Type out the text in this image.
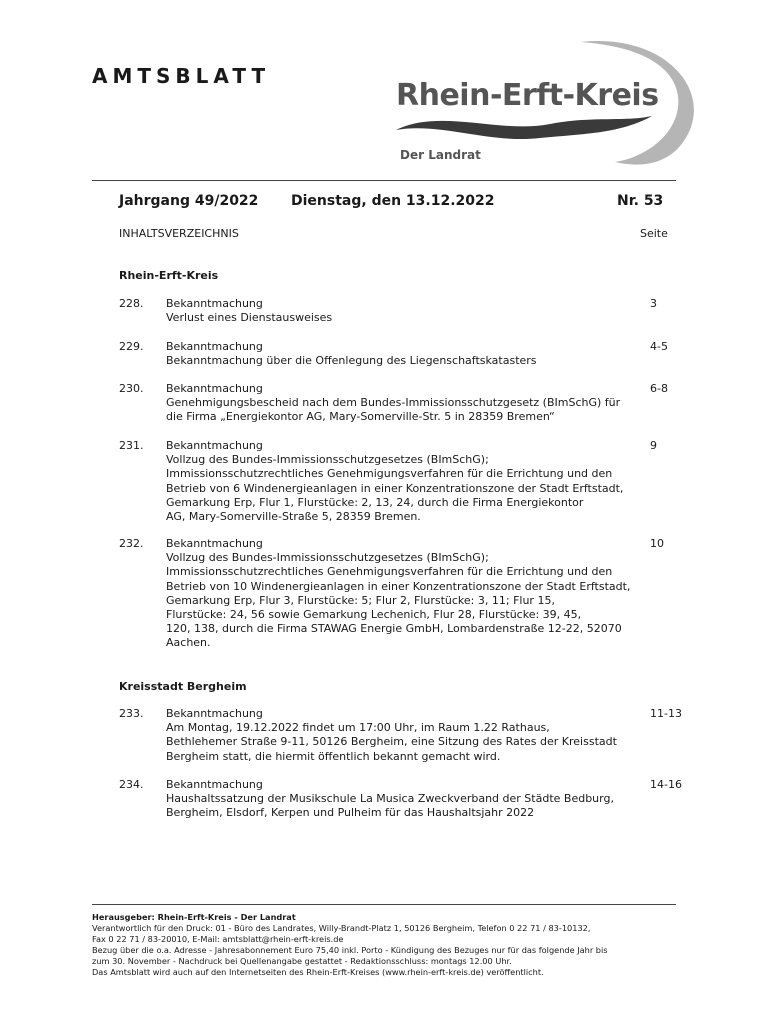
AMTSBLATT
Rhein-Erft-Kreis
Der Landrat
Jahrgang 49/2022 Dienstag, den 13.12.2022	Nr. 53
INHALTSVERZEICHNIS	Seite
Rhein-Erft-Kreis
228. Bekanntmachung
Verlust eines Dienstausweises
3
229. Bekanntmachung
Bekanntmachung über die Offenlegung des Liegenschaftskatasters
4-5
230. Bekanntmachung
Genehmigungsbescheid nach dem Bundes-Immissionsschutzgesetz (BImSchG) für
die Firma „Energiekontor AG, Mary-Somerville-Str. 5 in 28359 Bremen“
6-8
231. Bekanntmachung
Vollzug des Bundes-Immissionsschutzgesetzes (BImSchG);
Immissionsschutzrechtliches Genehmigungsverfahren für die Errichtung und den
Betrieb von 6 Windenergieanlagen in einer Konzentrationszone der Stadt Erftstadt,
Gemarkung Erp, Flur 1, Flurstücke: 2, 13, 24, durch die Firma Energiekontor
AG, Mary-Somerville-Straße 5, 28359 Bremen.
9
232. Bekanntmachung
Vollzug des Bundes-Immissionsschutzgesetzes (BImSchG);
Immissionsschutzrechtliches Genehmigungsverfahren für die Errichtung und den
Betrieb von 10 Windenergieanlagen in einer Konzentrationszone der Stadt Erftstadt,
Gemarkung Erp, Flur 3, Flurstücke: 5; Flur 2, Flurstücke: 3, 11; Flur 15,
Flurstücke: 24, 56 sowie Gemarkung Lechenich, Flur 28, Flurstücke: 39, 45,
120, 138, durch die Firma STAWAG Energie GmbH, Lombardenstraße 12-22, 52070
Aachen.
10
Kreisstadt Bergheim
233. Bekanntmachung
Am Montag, 19.12.2022 findet um 17:00 Uhr, im Raum 1.22 Rathaus,
Bethlehemer Straße 9-11, 50126 Bergheim, eine Sitzung des Rates der Kreisstadt
Bergheim statt, die hiermit öffentlich bekannt gemacht wird.
11-13
234. Bekanntmachung
Haushaltssatzung der Musikschule La Musica Zweckverband der Städte Bedburg,
Bergheim, Elsdorf, Kerpen und Pulheim für das Haushaltsjahr 2022
14-16
Herausgeber: Rhein-Erft-Kreis - Der Landrat
Verantwortlich für den Druck: 01 - Büro des Landrates, Willy-Brandt-Platz 1, 50126 Bergheim, Telefon 0 22 71 / 83-10132,
Fax 0 22 71 / 83-20010, E-Mail: amtsblatt@rhein-erft-kreis.de
Bezug über die o.a. Adresse - Jahresabonnement Euro 75,40 inkl. Porto - Kündigung des Bezuges nur für das folgende Jahr bis
zum 30. November - Nachdruck bei Quellenangabe gestattet - Redaktionsschluss: montags 12.00 Uhr.
Das Amtsblatt wird auch auf den Internetseiten des Rhein-Erft-Kreises (www.rhein-erft-kreis.de) veröffentlicht.
